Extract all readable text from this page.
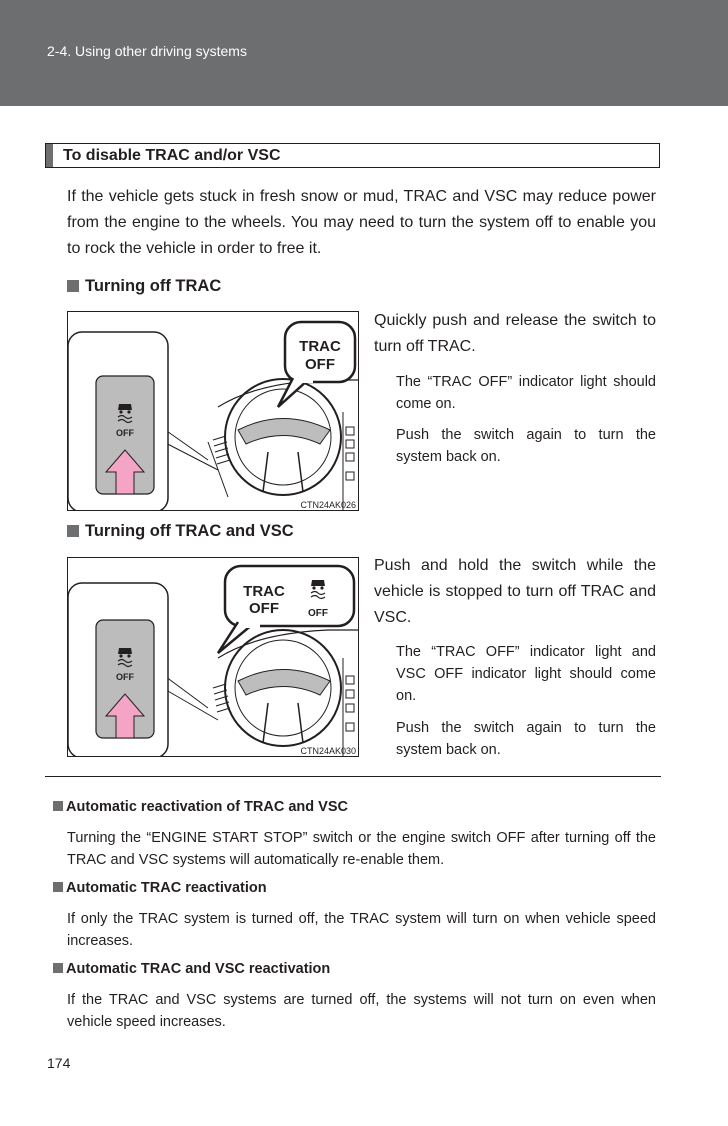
2-4. Using other driving systems
To disable TRAC and/or VSC
If the vehicle gets stuck in fresh snow or mud, TRAC and VSC may reduce power from the engine to the wheels. You may need to turn the system off to enable you to rock the vehicle in order to free it.
Turning off TRAC
OFF
TRAC
OFF
CTN24AK026
Quickly push and release the switch to turn off TRAC.
The “TRAC OFF” indicator light should come on.
Push the switch again to turn the system back on.
Turning off TRAC and VSC
OFF
TRAC
OFF	OFF
CTN24AK030
Push and hold the switch while the vehicle is stopped to turn off TRAC and VSC.
The “TRAC OFF” indicator light and VSC OFF indicator light should come on.
Push the switch again to turn the system back on.
Automatic reactivation of TRAC and VSC
Turning the “ENGINE START STOP” switch or the engine switch OFF after turning off the TRAC and VSC systems will automatically re-enable them.
Automatic TRAC reactivation
If only the TRAC system is turned off, the TRAC system will turn on when vehicle speed increases.
Automatic TRAC and VSC reactivation
If the TRAC and VSC systems are turned off, the systems will not turn on even when vehicle speed increases.
174
